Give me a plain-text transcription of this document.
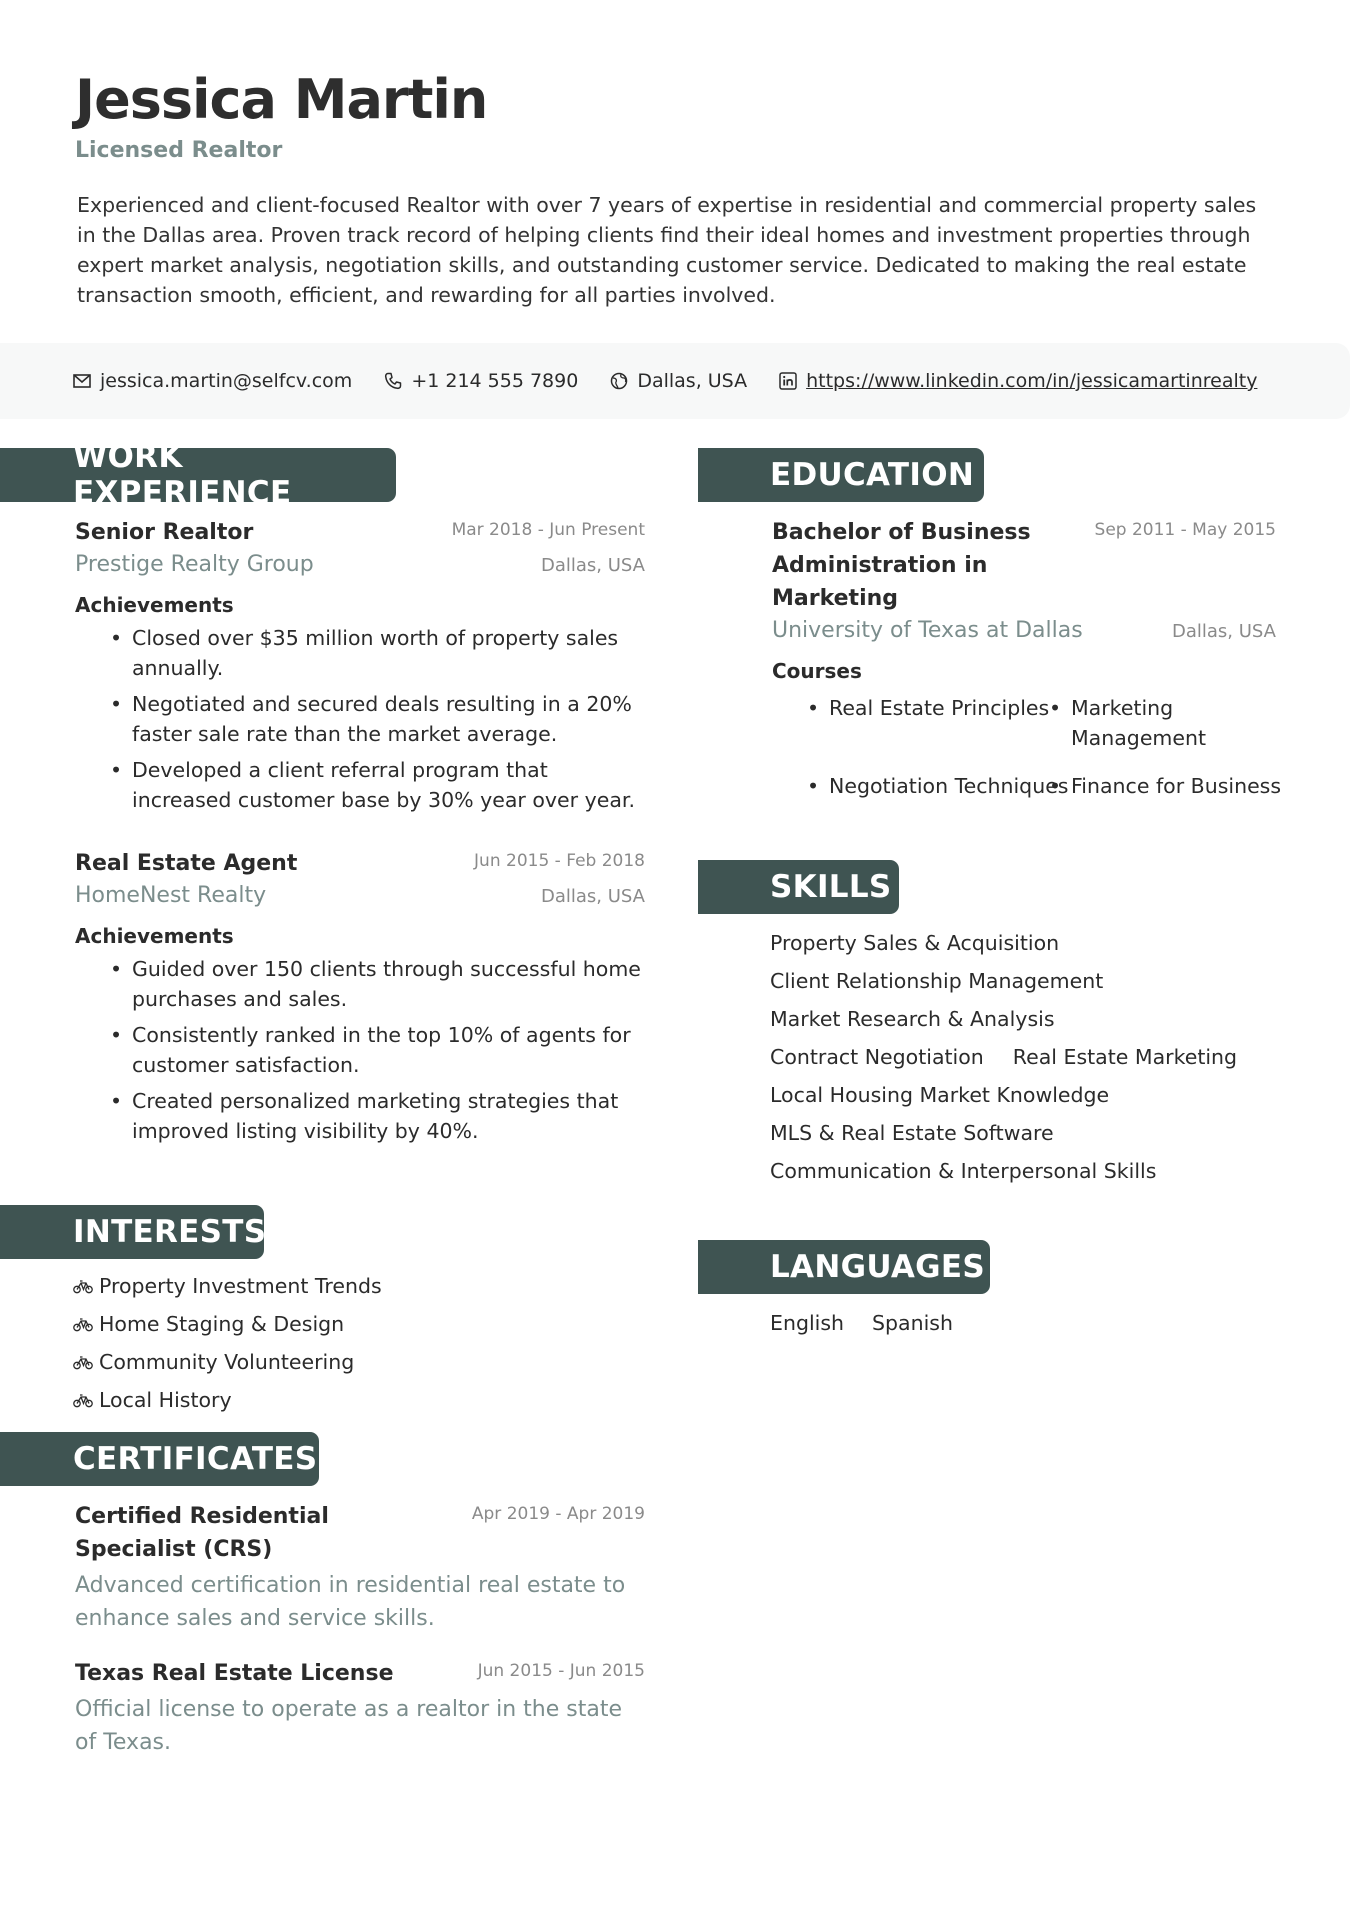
Jessica Martin
Licensed Realtor
Experienced and client-focused Realtor with over 7 years of expertise in residential and commercial property sales in the Dallas area. Proven track record of helping clients find their ideal homes and investment properties through expert market analysis, negotiation skills, and outstanding customer service. Dedicated to making the real estate transaction smooth, efficient, and rewarding for all parties involved.
jessica.martin@selfcv.com	+1 214 555 7890	Dallas, USA	https://www.linkedin.com/in/jessicamartinrealty
WORK EXPERIENCE	EDUCATION
SKILLS
LANGUAGES
INTERESTS
CERTIFICATES
Senior Realtor	Mar 2018 - Jun Present
Prestige Realty Group	Dallas, USA
Achievements
• Closed over $35 million worth of property sales annually.
• Negotiated and secured deals resulting in a 20% faster sale rate than the market average.
• Developed a client referral program that increased customer base by 30% year over year.
Real Estate Agent	Jun 2015 - Feb 2018
HomeNest Realty	Dallas, USA
Achievements
• Guided over 150 clients through successful home purchases and sales.
• Consistently ranked in the top 10% of agents for customer satisfaction.
• Created personalized marketing strategies that improved listing visibility by 40%.
Bachelor of Business Administration in Marketing
Sep 2011 - May 2015
University of Texas at Dallas	Dallas, USA
Courses
• Real Estate Principles	• Marketing Management
• Negotiation Techniques • Finance for Business
Property Sales & Acquisition
Client Relationship Management
Market Research & Analysis
Contract Negotiation Real Estate Marketing
Local Housing Market Knowledge
MLS & Real Estate Software
Communication & Interpersonal Skills
English Spanish
Property Investment Trends
Home Staging & Design
Community Volunteering
Local History
Certified Residential Specialist (CRS)
Apr 2019 - Apr 2019
Advanced certification in residential real estate to enhance sales and service skills.
Texas Real Estate License	Jun 2015 - Jun 2015
Official license to operate as a realtor in the state of Texas.
